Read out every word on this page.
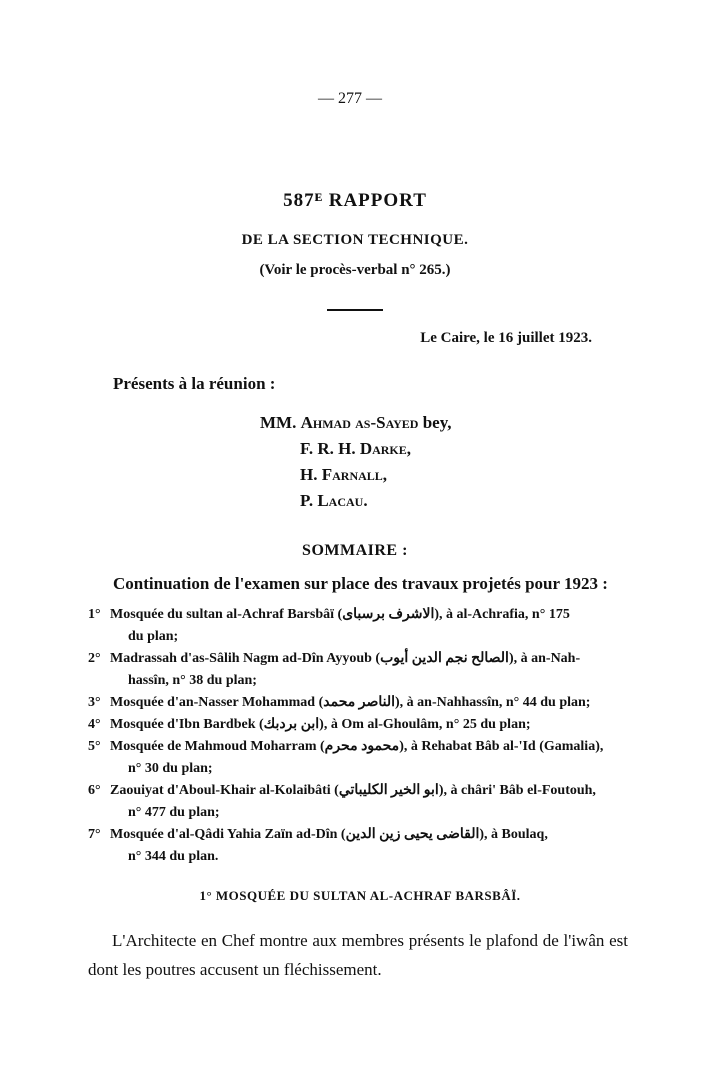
— 277 —
587ᴱ RAPPORT
DE LA SECTION TECHNIQUE.
(Voir le procès-verbal n° 265.)
Le Caire, le 16 juillet 1923.
Présents à la réunion :
MM. Ahmad as-Sayed bey,
F. R. H. Darke,
H. Farnall,
P. Lacau.
SOMMAIRE :
Continuation de l'examen sur place des travaux projetés pour 1923 :
1° Mosquée du sultan al-Achraf Barsbâï (الاشرف برسباى), à al-Achrafia, n° 175
du plan;
2° Madrassah d'as-Sâlih Nagm ad-Dîn Ayyoub (الصالح نجم الدين أيوب), à an-Nah-
hassîn, n° 38 du plan;
3° Mosquée d'an-Nasser Mohammad (الناصر محمد), à an-Nahhassîn, n° 44 du plan;
4° Mosquée d'Ibn Bardbek (ابن بردبك), à Om al-Ghoulâm, n° 25 du plan;
5° Mosquée de Mahmoud Moharram (محمود محرم), à Rehabat Bâb al-'Id (Gamalia),
n° 30 du plan;
6° Zaouiyat d'Aboul-Khair al-Kolaibâti (ابو الخير الكليباتي), à châri' Bâb el-Foutouh,
n° 477 du plan;
7° Mosquée d'al-Qâdi Yahia Zaïn ad-Dîn (القاضى يحيى زين الدين), à Boulaq,
n° 344 du plan.
1° MOSQUÉE DU SULTAN AL-ACHRAF BARSBÂÏ.
L'Architecte en Chef montre aux membres présents le plafond de l'iwân est dont les poutres accusent un fléchissement.
